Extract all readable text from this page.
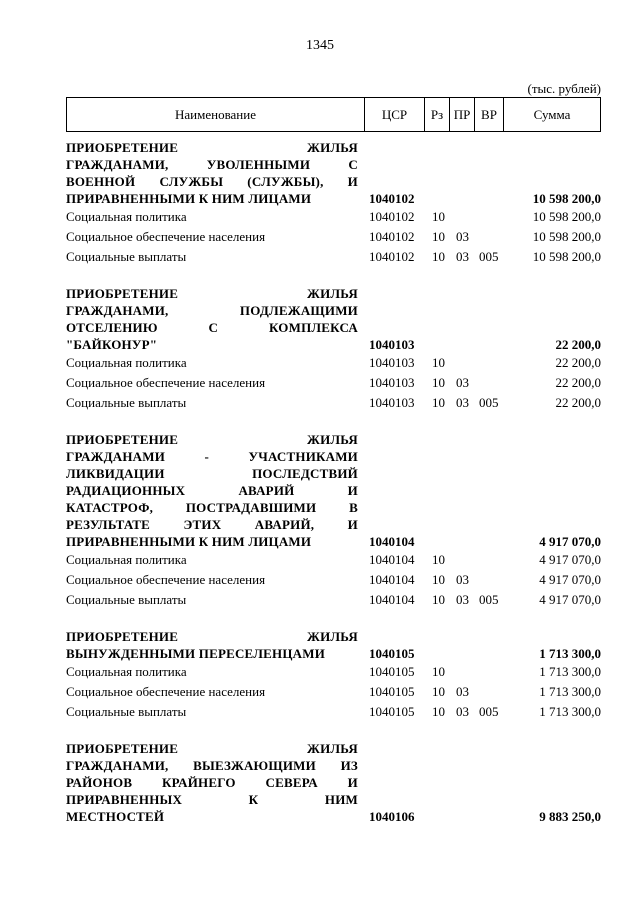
1345
(тыс. рублей)
Наименование	ЦСР	Рз ПР ВР	Сумма
ПРИОБРЕТЕНИЕ ЖИЛЬЯ
ГРАЖДАНАМИ, УВОЛЕННЫМИ С
ВОЕННОЙ СЛУЖБЫ (СЛУЖБЫ), И
ПРИРАВНЕННЫМИ К НИМ ЛИЦАМИ	1040102	10 598 200,0
Социальная политика	1040102 10	10 598 200,0
Социальное обеспечение населения	1040102 10 03	10 598 200,0
Социальные выплаты	1040102 10 03 005	10 598 200,0
ПРИОБРЕТЕНИЕ ЖИЛЬЯ
ГРАЖДАНАМИ, ПОДЛЕЖАЩИМИ
ОТСЕЛЕНИЮ С КОМПЛЕКСА
"БАЙКОНУР"	1040103	22 200,0
Социальная политика	1040103 10	22 200,0
Социальное обеспечение населения	1040103 10 03	22 200,0
Социальные выплаты	1040103 10 03 005	22 200,0
ПРИОБРЕТЕНИЕ ЖИЛЬЯ
ГРАЖДАНАМИ - УЧАСТНИКАМИ
ЛИКВИДАЦИИ ПОСЛЕДСТВИЙ
РАДИАЦИОННЫХ АВАРИЙ И
КАТАСТРОФ, ПОСТРАДАВШИМИ В
РЕЗУЛЬТАТЕ ЭТИХ АВАРИЙ, И
ПРИРАВНЕННЫМИ К НИМ ЛИЦАМИ	1040104	4 917 070,0
Социальная политика	1040104 10	4 917 070,0
Социальное обеспечение населения	1040104 10 03	4 917 070,0
Социальные выплаты	1040104 10 03 005	4 917 070,0
ПРИОБРЕТЕНИЕ ЖИЛЬЯ
ВЫНУЖДЕННЫМИ ПЕРЕСЕЛЕНЦАМИ	1040105	1 713 300,0
Социальная политика	1040105 10	1 713 300,0
Социальное обеспечение населения	1040105 10 03	1 713 300,0
Социальные выплаты	1040105 10 03 005	1 713 300,0
ПРИОБРЕТЕНИЕ ЖИЛЬЯ
ГРАЖДАНАМИ, ВЫЕЗЖАЮЩИМИ ИЗ
РАЙОНОВ КРАЙНЕГО СЕВЕРА И
ПРИРАВНЕННЫХ К НИМ
МЕСТНОСТЕЙ	1040106	9 883 250,0
